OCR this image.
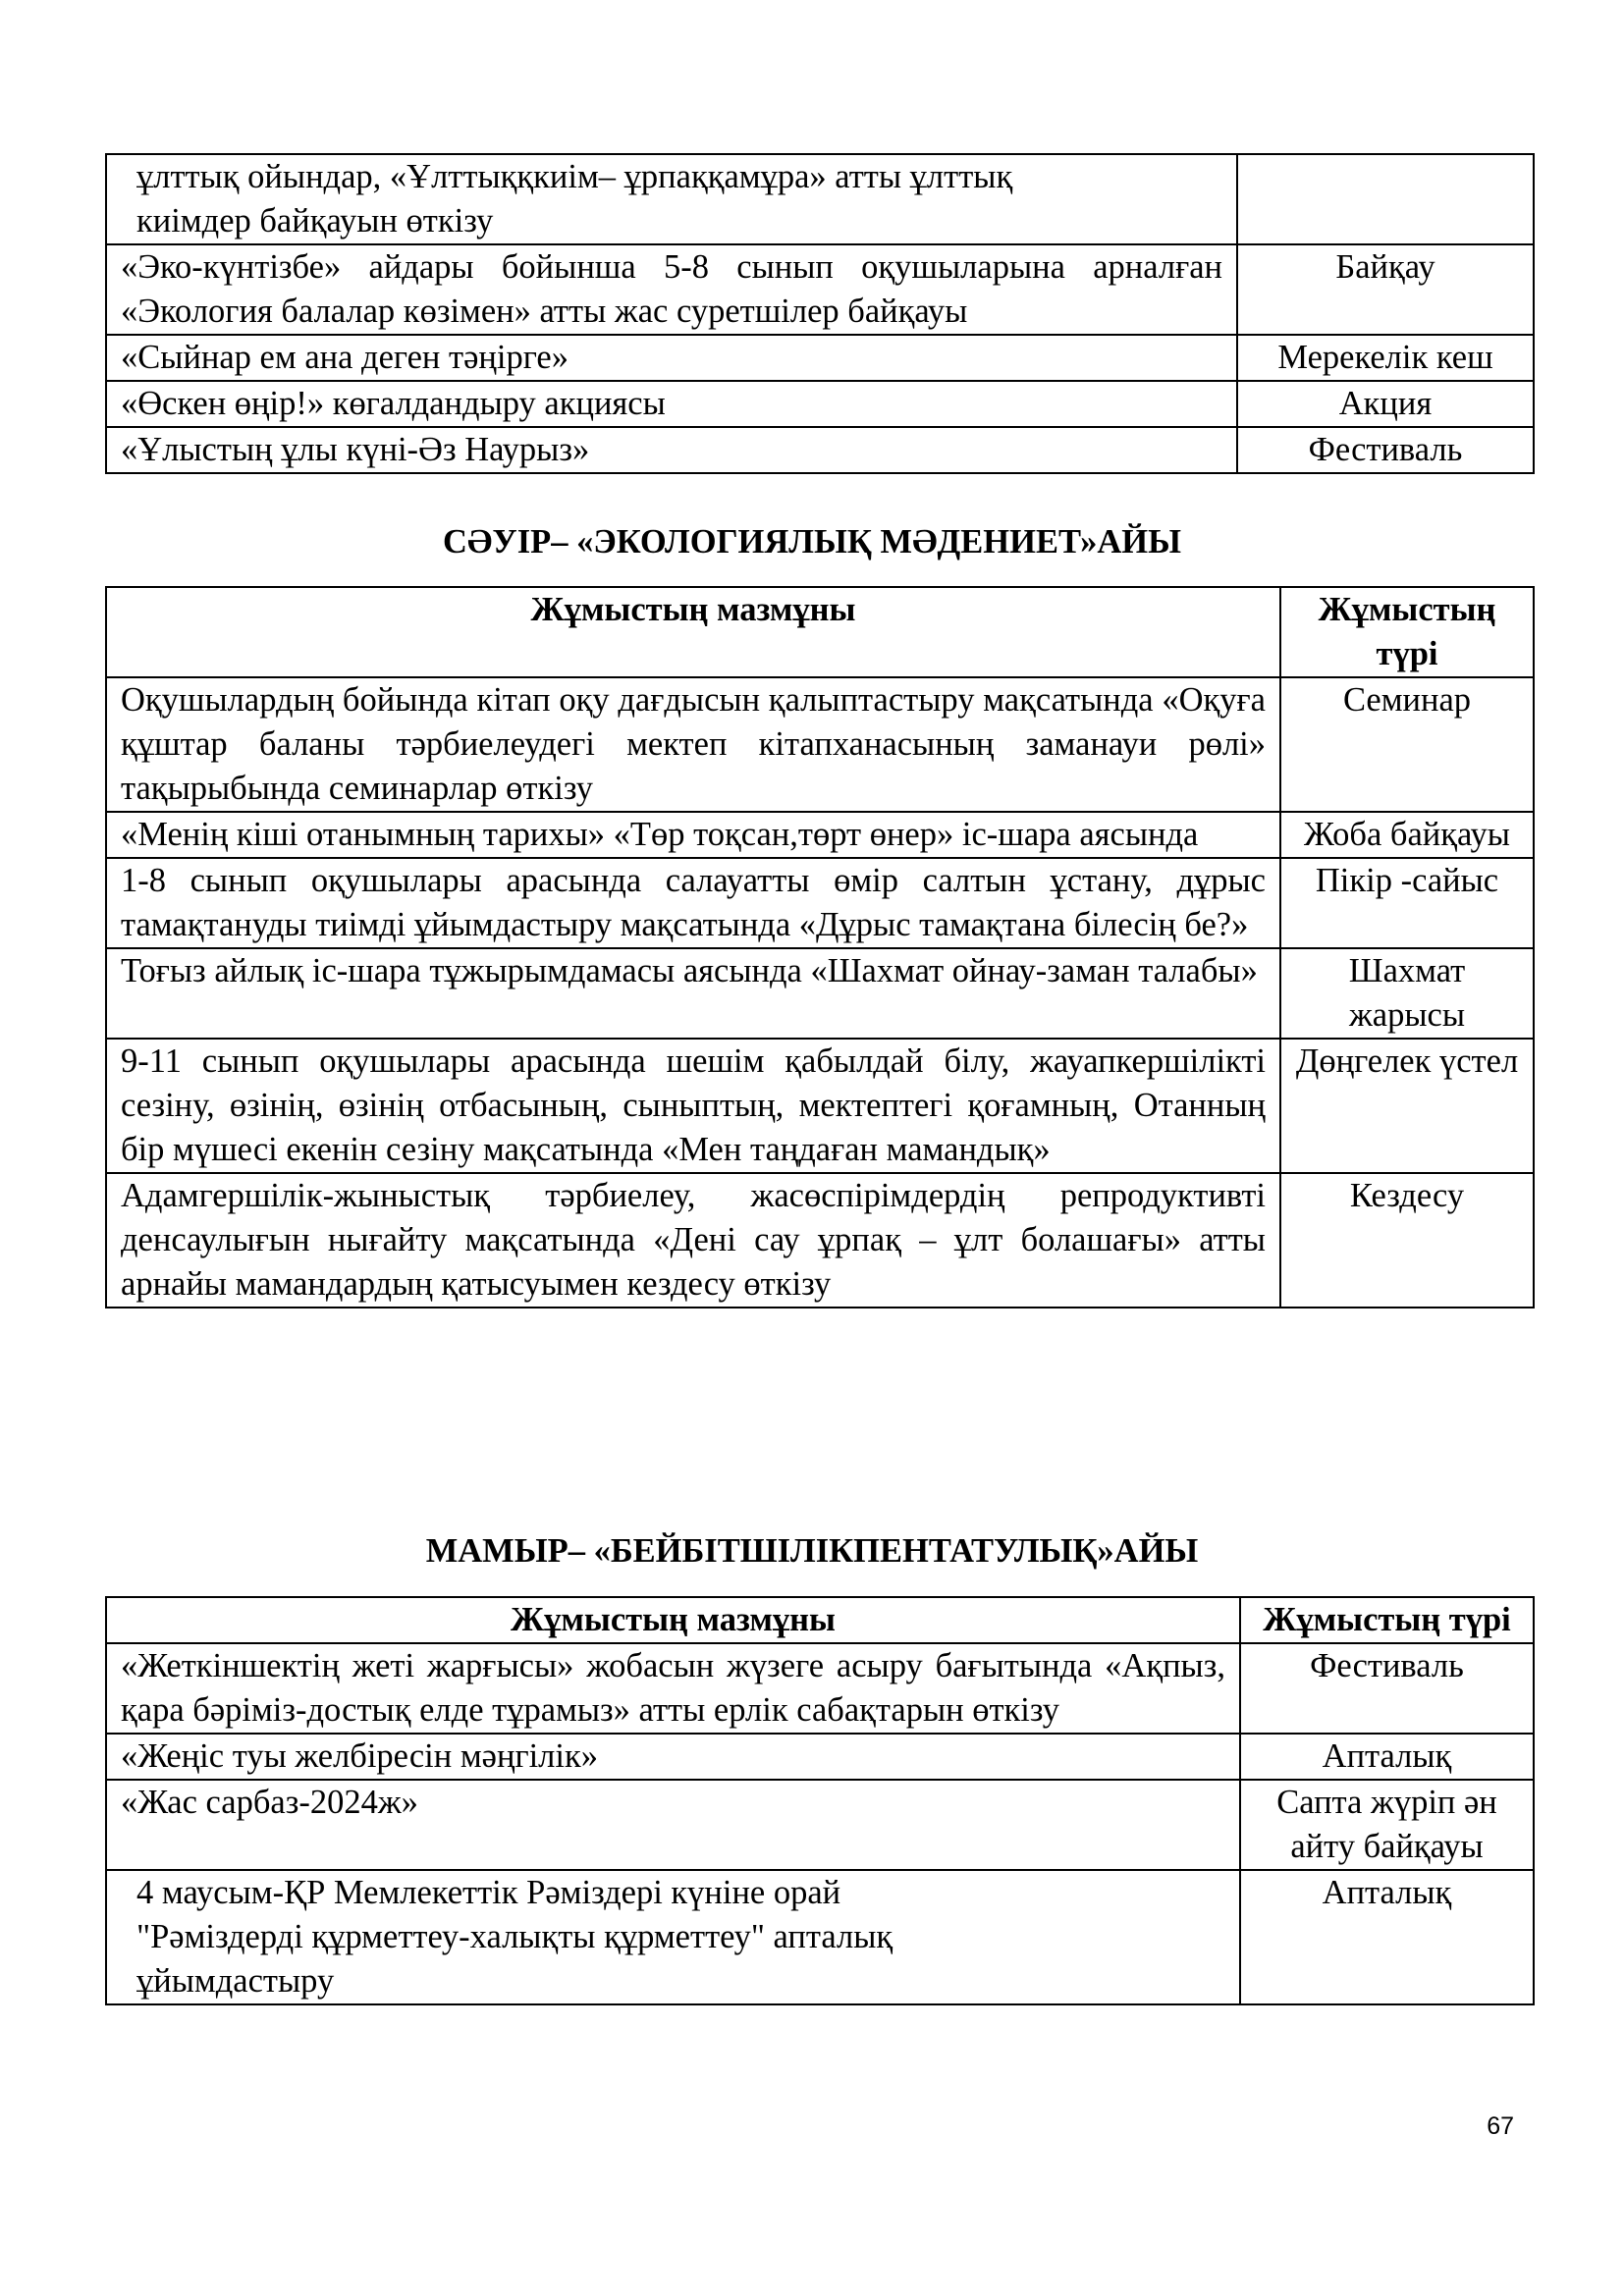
ұлттық ойындар, «Ұлттыққкиім– ұрпаққамұра» атты ұлттық
киімдер байқауын өткізу	

«Эко-күнтізбе» айдары бойынша 5-8 сынып оқушыларына арналған «Экология балалар көзімен» атты жас суретшілер байқауы	Байқау
«Сыйнар ем ана деген тәңірге»	Мерекелік кеш
«Өскен өңір!» көгалдандыру акциясы	Акция
«Ұлыстың ұлы күні-Әз Наурыз»	Фестиваль
СӘУІР– «ЭКОЛОГИЯЛЫҚ МӘДЕНИЕТ»АЙЫ
Жұмыстың мазмұны	Жұмыстың түрі
Оқушылардың бойында кітап оқу дағдысын қалыптастыру мақсатында «Оқуға құштар баланы тәрбиелеудегі мектеп кітапханасының заманауи рөлі» тақырыбында семинарлар өткізу	Семинар
«Менің кіші отанымның тарихы» «Төр тоқсан,төрт өнер» іс-шара аясында	Жоба байқауы
1-8 сынып оқушылары арасында салауатты өмір салтын ұстану, дұрыс тамақтануды тиімді ұйымдастыру мақсатында «Дұрыс тамақтана білесің бе?»	Пікір -сайыс
Тоғыз айлық іс-шара тұжырымдамасы аясында «Шахмат ойнау-заман талабы»	Шахмат жарысы
9-11 сынып оқушылары арасында шешім қабылдай білу, жауапкершілікті сезіну, өзінің, өзінің отбасының, сыныптың, мектептегі қоғамның, Отанның бір мүшесі екенін сезіну мақсатында «Мен таңдаған мамандық»	Дөңгелек үстел
Адамгершілік-жыныстық тәрбиелеу, жасөспірімдердің репродуктивті денсаулығын нығайту мақсатында «Дені сау ұрпақ – ұлт болашағы» атты арнайы мамандардың қатысуымен кездесу өткізу	Кездесу
МАМЫР– «БЕЙБІТШІЛІКПЕНТАТУЛЫҚ»АЙЫ
Жұмыстың мазмұны	Жұмыстың түрі
«Жеткіншектің жеті жарғысы» жобасын жүзеге асыру бағытында «Ақпыз, қара бәріміз-достық елде тұрамыз» атты ерлік сабақтарын өткізу	Фестиваль
«Жеңіс туы желбіресін мәңгілік»	Апталық
«Жас сарбаз-2024ж»	Сапта жүріп ән айту байқауы

4 маусым-ҚР Мемлекеттік Рәміздері күніне орай
"Рәміздерді құрметтеу-халықты құрметтеу" апталық
ұйымдастыру	Апталық
67
